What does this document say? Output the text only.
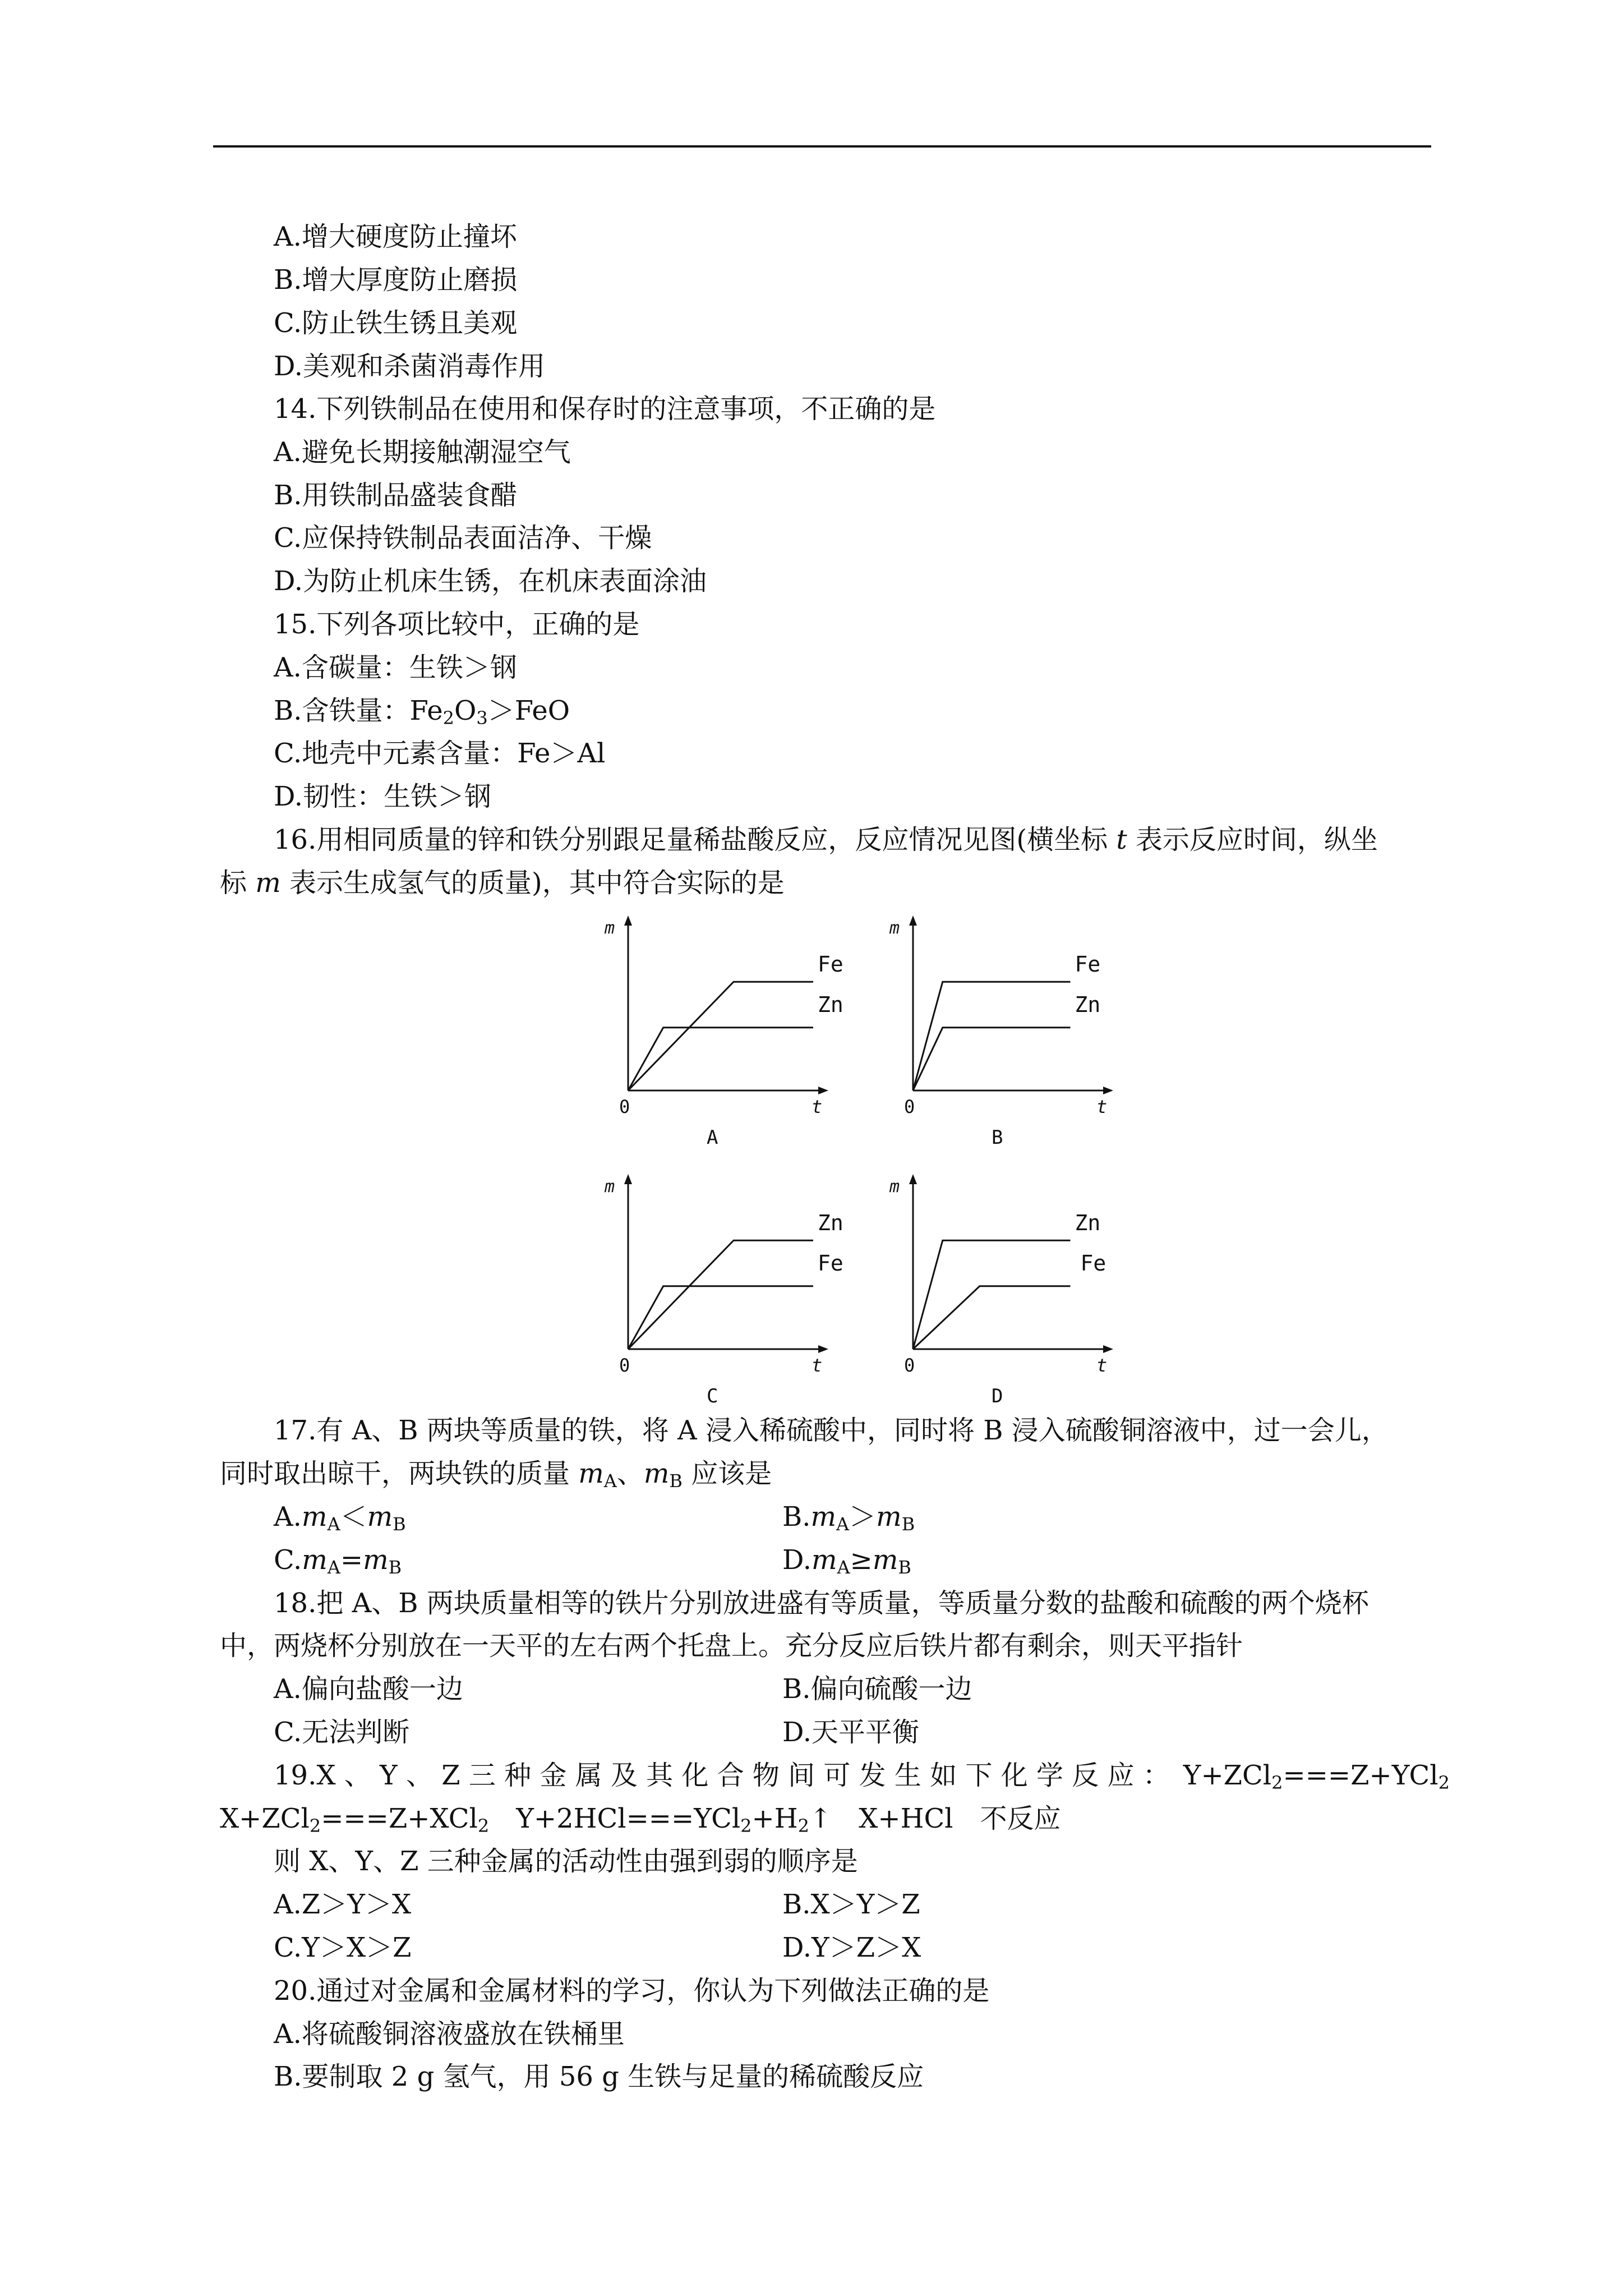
A.增大硬度防止撞坏
B.增大厚度防止磨损
C.防止铁生锈且美观
D.美观和杀菌消毒作用
14.下列铁制品在使用和保存时的注意事项，不正确的是
A.避免长期接触潮湿空气
B.用铁制品盛装食醋
C.应保持铁制品表面洁净、干燥
D.为防止机床生锈，在机床表面涂油
15.下列各项比较中，正确的是
A.含碳量：生铁＞钢
B.含铁量：$Fe_2O_3>FeO$
C.地壳中元素含量：Fe＞Al
D.韧性：生铁＞钢
16.用相同质量的锌和铁分别跟足量稀盐酸反应，反应情况见图(横坐标 t 表示反应时间，纵坐
标 m 表示生成氢气的质量)，其中符合实际的是
Fe
Zn
m
t
0
A
Fe
Zn
m
t
0
B
Zn
Fe
m
t
0
C
Zn
Fe
m
t
0
D
17.有 A、B 两块等质量的铁，将 A 浸入稀硫酸中，同时将 B 浸入硫酸铜溶液中，过一会儿，
同时取出晾干，两块铁的质量 $m_A$、$m_B$ 应该是
$A.m_A<m_B$	$B.m_A>m_B$
$C.m_A=m_B$	$D.m_A\ge m_B$
18.把 A、B 两块质量相等的铁片分别放进盛有等质量，等质量分数的盐酸和硫酸的两个烧杯
中，两烧杯分别放在一天平的左右两个托盘上。充分反应后铁片都有剩余，则天平指针
A.偏向盐酸一边	B.偏向硫酸一边
C.无法判断	D.天平平衡
19.X 、 Y 、 Z 三 种 金 属 及 其 化 合 物 间 可 发 生 如 下 化 学 反 应 ：　 Y+ZCl$_2$===Z+YCl$_2$
X+ZCl$_2$===Z+XCl$_2$　 $Y+2HCl===YCl_2+H_2↑$　 X+HCl　不反应
则 X、Y、Z 三种金属的活动性由强到弱的顺序是
A.Z＞Y＞X	B.X＞Y＞Z
C.Y＞X＞Z	D.Y＞Z＞X
20.通过对金属和金属材料的学习，你认为下列做法正确的是
A.将硫酸铜溶液盛放在铁桶里
B.要制取 2 g 氢气，用 56 g 生铁与足量的稀硫酸反应
